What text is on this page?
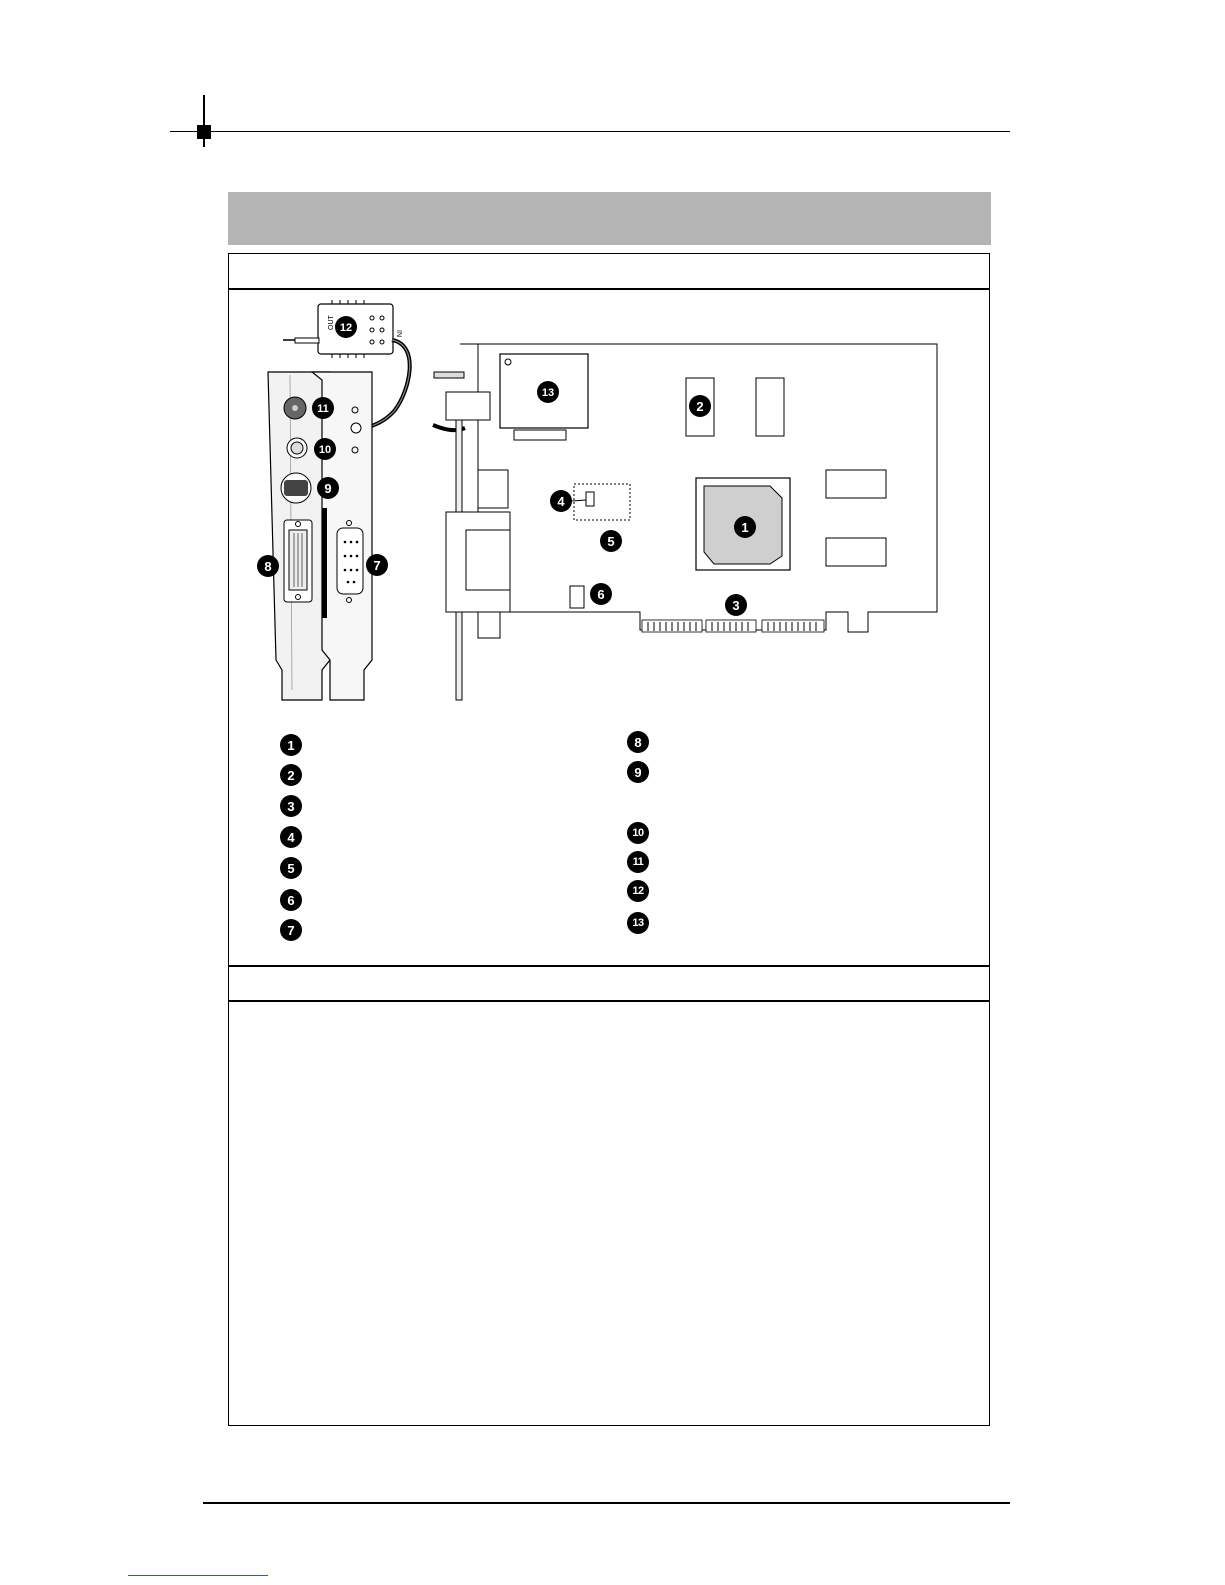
OUT
IN
1
2
3
4
5
6
7
8
9
10
11
12
13
1
2
3
4
5
6
7
8
9
10
11
12
13
